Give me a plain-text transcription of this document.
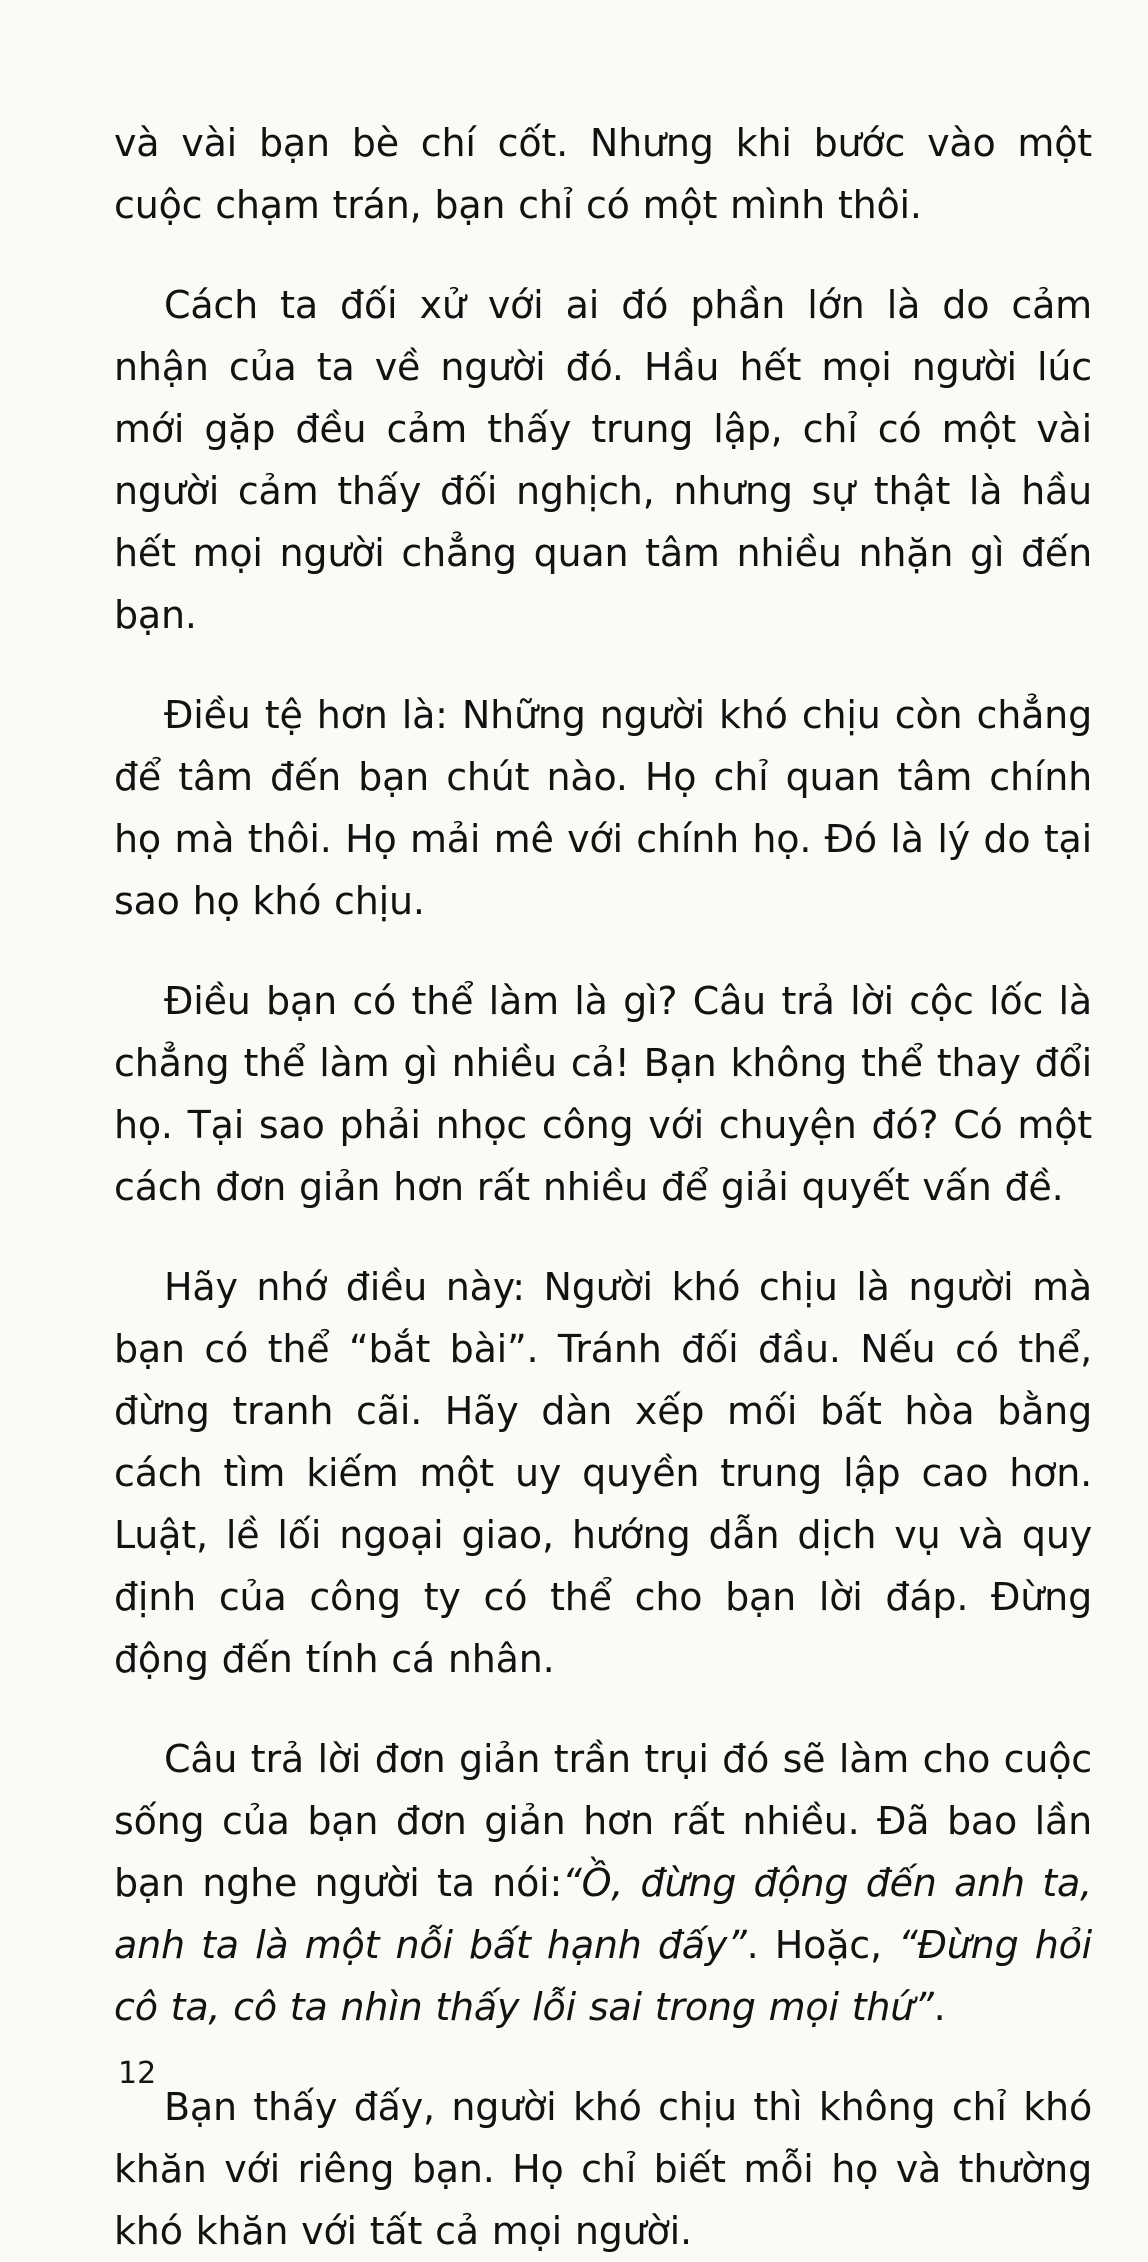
và vài bạn bè chí cốt. Nhưng khi bước vào một cuộc chạm trán, bạn chỉ có một mình thôi.

Cách ta đối xử với ai đó phần lớn là do cảm nhận của ta về người đó. Hầu hết mọi người lúc mới gặp đều cảm thấy trung lập, chỉ có một vài người cảm thấy đối nghịch, nhưng sự thật là hầu hết mọi người chẳng quan tâm nhiều nhặn gì đến bạn.

Điều tệ hơn là: Những người khó chịu còn chẳng để tâm đến bạn chút nào. Họ chỉ quan tâm chính họ mà thôi. Họ mải mê với chính họ. Đó là lý do tại sao họ khó chịu.

Điều bạn có thể làm là gì? Câu trả lời cộc lốc là chẳng thể làm gì nhiều cả! Bạn không thể thay đổi họ. Tại sao phải nhọc công với chuyện đó? Có một cách đơn giản hơn rất nhiều để giải quyết vấn đề.

Hãy nhớ điều này: Người khó chịu là người mà bạn có thể “bắt bài”. Tránh đối đầu. Nếu có thể, đừng tranh cãi. Hãy dàn xếp mối bất hòa bằng cách tìm kiếm một uy quyền trung lập cao hơn. Luật, lề lối ngoại giao, hướng dẫn dịch vụ và quy định của công ty có thể cho bạn lời đáp. Đừng động đến tính cá nhân.

Câu trả lời đơn giản trần trụi đó sẽ làm cho cuộc sống của bạn đơn giản hơn rất nhiều. Đã bao lần bạn nghe người ta nói:“Ồ, đừng động đến anh ta, anh ta là một nỗi bất hạnh đấy”. Hoặc, “Đừng hỏi cô ta, cô ta nhìn thấy lỗi sai trong mọi thứ”.

Bạn thấy đấy, người khó chịu thì không chỉ khó khăn với riêng bạn. Họ chỉ biết mỗi họ và thường khó khăn với tất cả mọi người.

12
